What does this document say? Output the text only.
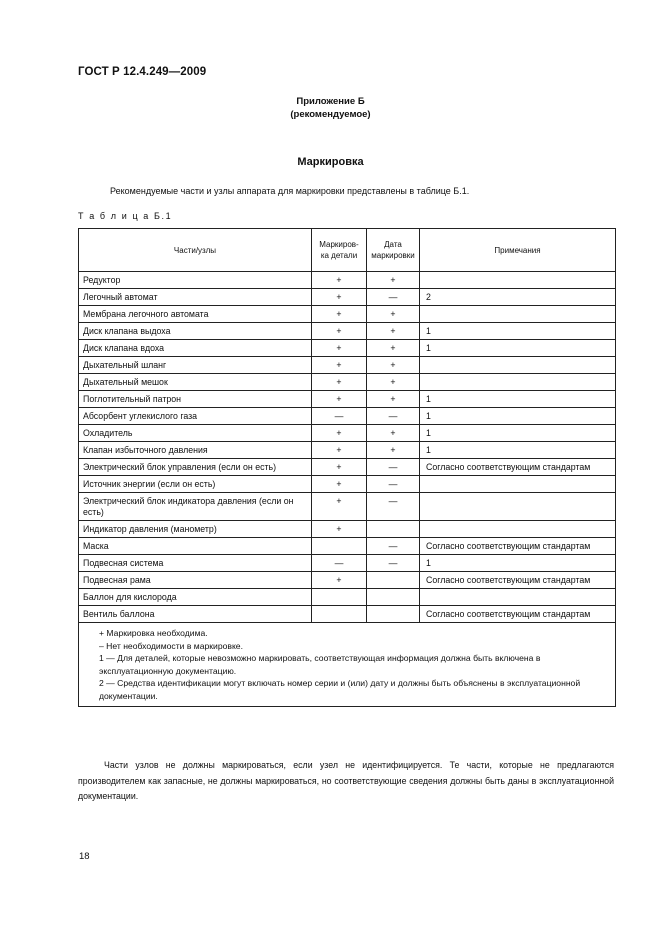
ГОСТ Р 12.4.249—2009
Приложение Б
(рекомендуемое)
Маркировка
Рекомендуемые части и узлы аппарата для маркировки представлены в таблице Б.1.
Т а б л и ц а Б.1
Части/узлы	Маркиров-ка детали	Дата маркировки	Примечания
Редуктор	+	+	
Легочный автомат	+	—	2
Мембрана легочного автомата	+	+	
Диск клапана выдоха	+	+	1
Диск клапана вдоха	+	+	1
Дыхательный шланг	+	+	
Дыхательный мешок	+	+	
Поглотительный патрон	+	+	1
Абсорбент углекислого газа	—	—	1
Охладитель	+	+	1
Клапан избыточного давления	+	+	1
Электрический блок управления (если он есть)	+	—	Согласно соответствующим стандартам
Источник энергии (если он есть)	+	—	
Электрический блок индикатора давления (если он есть)	+	—	
Индикатор давления (манометр)	+		
Маска		—	Согласно соответствующим стандартам
Подвесная система	—	—	1
Подвесная рама	+		Согласно соответствующим стандартам
Баллон для кислорода			
Вентиль баллона			Согласно соответствующим стандартам

+ Маркировка необходима.
– Нет необходимости в маркировке.
1 — Для деталей, которые невозможно маркировать, соответствующая информация должна быть включена в эксплуатационную документацию.
2 — Средства идентификации могут включать номер серии и (или) дату и должны быть объяснены в эксплуатационной документации.			
Части узлов не должны маркироваться, если узел не идентифицируется. Те части, которые не предлагаются производителем как запасные, не должны маркироваться, но соответствующие сведения должны быть даны в эксплуатационной документации.
18
